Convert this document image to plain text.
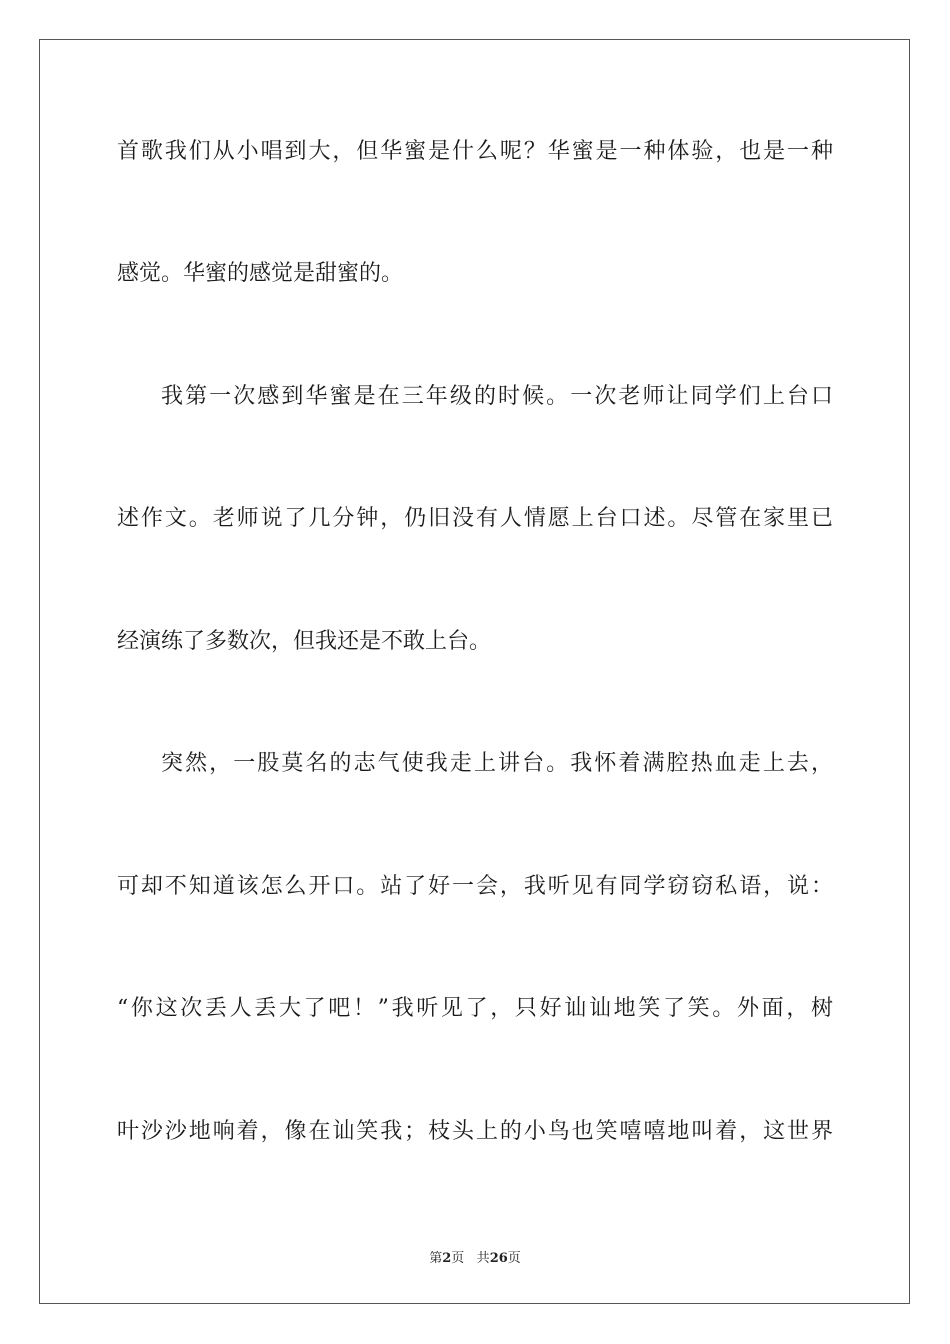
首歌我们从小唱到大，但华蜜是什么呢？华蜜是一种体验，也是一种
感觉。华蜜的感觉是甜蜜的。
我第一次感到华蜜是在三年级的时候。一次老师让同学们上台口
述作文。老师说了几分钟，仍旧没有人情愿上台口述。尽管在家里已
经演练了多数次，但我还是不敢上台。
突然，一股莫名的志气使我走上讲台。我怀着满腔热血走上去，
可却不知道该怎么开口。站了好一会，我听见有同学窃窃私语，说：
“你这次丢人丢大了吧！”我听见了，只好讪讪地笑了笑。外面，树
叶沙沙地响着，像在讪笑我；枝头上的小鸟也笑嘻嘻地叫着，这世界
第2页 共26页
